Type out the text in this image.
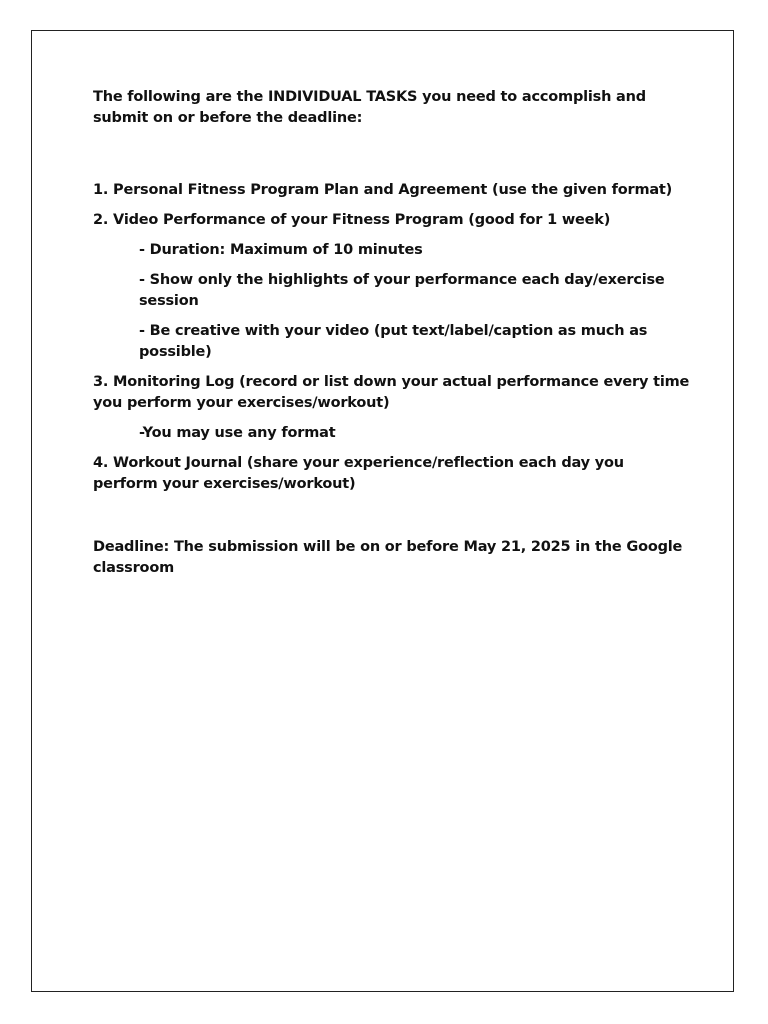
The following are the INDIVIDUAL TASKS you need to accomplish and submit on or before the deadline:

1. Personal Fitness Program Plan and Agreement (use the given format)

2. Video Performance of your Fitness Program (good for 1 week)

- Duration: Maximum of 10 minutes

- Show only the highlights of your performance each day/exercise session

- Be creative with your video (put text/label/caption as much as possible)

3. Monitoring Log (record or list down your actual performance every time you perform your exercises/workout)

-You may use any format

4. Workout Journal (share your experience/reflection each day you perform your exercises/workout)

Deadline: The submission will be on or before May 21, 2025 in the Google classroom
